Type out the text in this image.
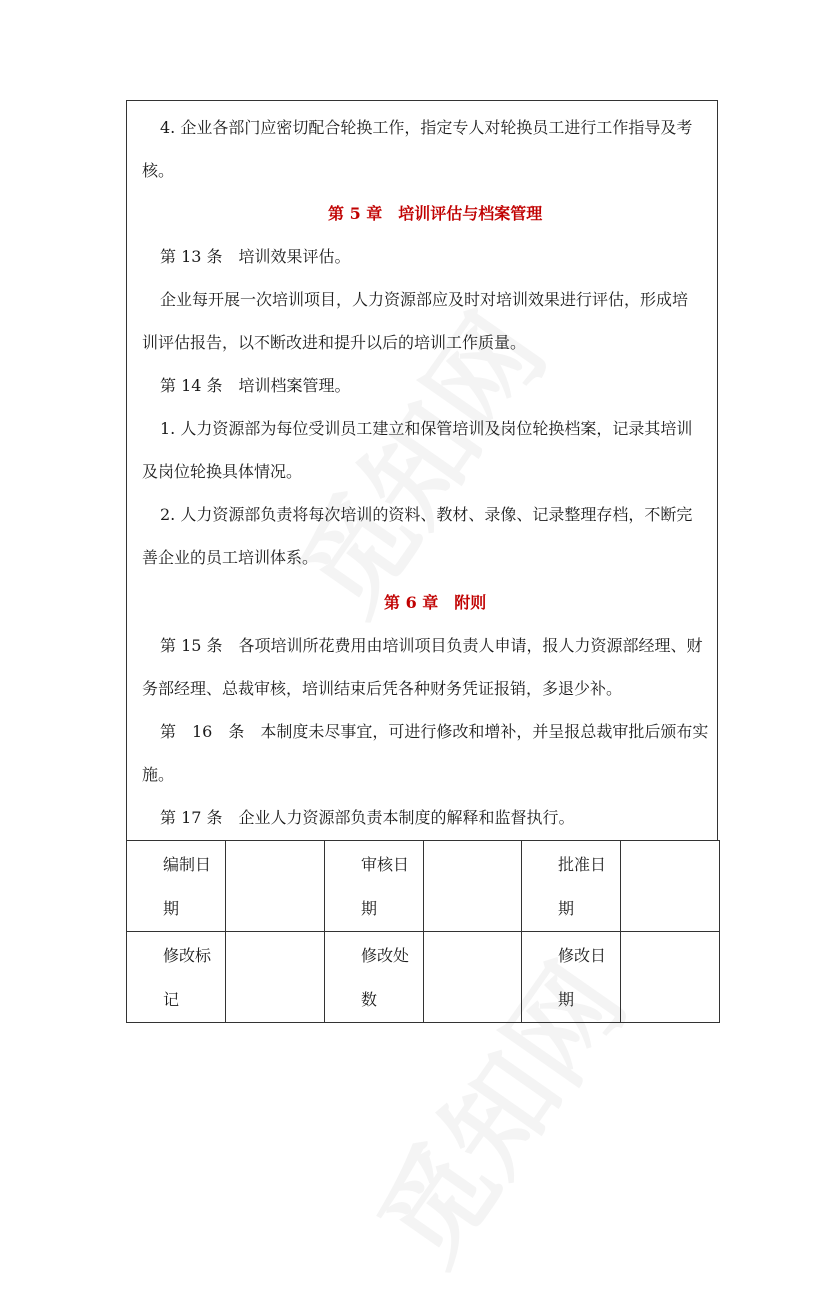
4. 企业各部门应密切配合轮换工作，指定专人对轮换员工进行工作指导及考
核。
第 5 章　培训评估与档案管理
第 13 条　培训效果评估。
企业每开展一次培训项目，人力资源部应及时对培训效果进行评估，形成培
训评估报告，以不断改进和提升以后的培训工作质量。
第 14 条　培训档案管理。
1. 人力资源部为每位受训员工建立和保管培训及岗位轮换档案，记录其培训
及岗位轮换具体情况。
2. 人力资源部负责将每次培训的资料、教材、录像、记录整理存档，不断完
善企业的员工培训体系。
第 6 章　附则
第 15 条　各项培训所花费用由培训项目负责人申请，报人力资源部经理、财
务部经理、总裁审核，培训结束后凭各种财务凭证报销，多退少补。
第　16　条　本制度未尽事宜，可进行修改和增补，并呈报总裁审批后颁布实
施。
第 17 条　企业人力资源部负责本制度的解释和监督执行。
编制日期		审核日期		批准日期	

修改标记		修改处数		修改日期	
